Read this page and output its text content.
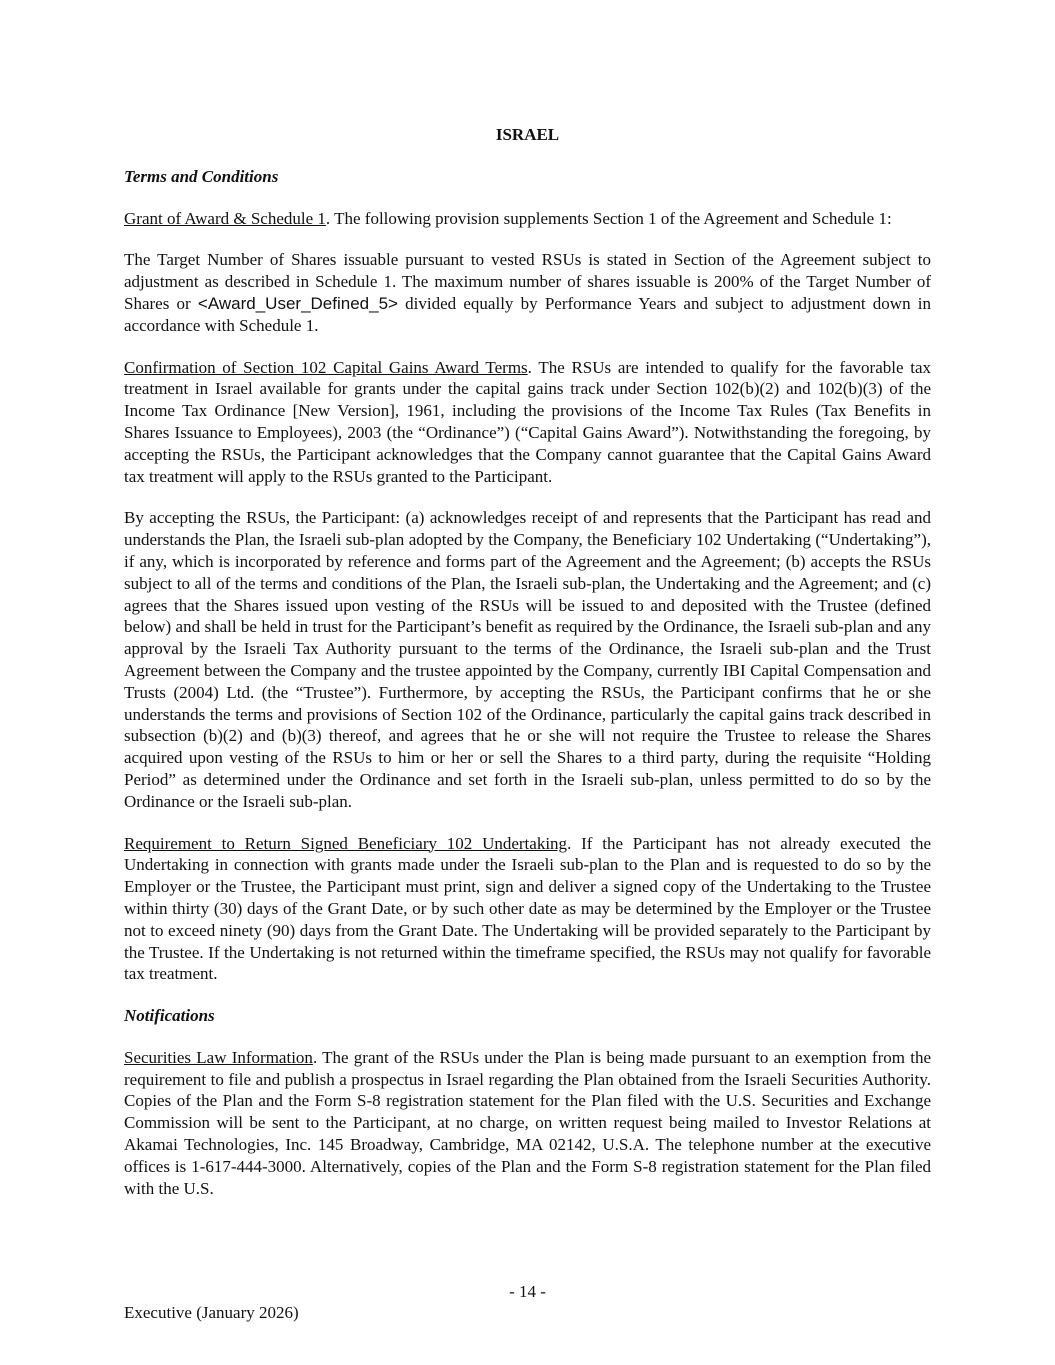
ISRAEL
Terms and Conditions

Grant of Award & Schedule 1. The following provision supplements Section 1 of the Agreement and Schedule 1:

The Target Number of Shares issuable pursuant to vested RSUs is stated in Section of the Agreement subject to adjustment as described in Schedule 1. The maximum number of shares issuable is 200% of the Target Number of Shares or <Award_User_Defined_5> divided equally by Performance Years and subject to adjustment down in accordance with Schedule 1.

Confirmation of Section 102 Capital Gains Award Terms. The RSUs are intended to qualify for the favorable tax treatment in Israel available for grants under the capital gains track under Section 102(b)(2) and 102(b)(3) of the Income Tax Ordinance [New Version], 1961, including the provisions of the Income Tax Rules (Tax Benefits in Shares Issuance to Employees), 2003 (the “Ordinance”) (“Capital Gains Award”). Notwithstanding the foregoing, by accepting the RSUs, the Participant acknowledges that the Company cannot guarantee that the Capital Gains Award tax treatment will apply to the RSUs granted to the Participant.

By accepting the RSUs, the Participant: (a) acknowledges receipt of and represents that the Participant has read and understands the Plan, the Israeli sub-plan adopted by the Company, the Beneficiary 102 Undertaking (“Undertaking”), if any, which is incorporated by reference and forms part of the Agreement and the Agreement; (b) accepts the RSUs subject to all of the terms and conditions of the Plan, the Israeli sub-plan, the Undertaking and the Agreement; and (c) agrees that the Shares issued upon vesting of the RSUs will be issued to and deposited with the Trustee (defined below) and shall be held in trust for the Participant’s benefit as required by the Ordinance, the Israeli sub-plan and any approval by the Israeli Tax Authority pursuant to the terms of the Ordinance, the Israeli sub-plan and the Trust Agreement between the Company and the trustee appointed by the Company, currently IBI Capital Compensation and Trusts (2004) Ltd. (the “Trustee”). Furthermore, by accepting the RSUs, the Participant confirms that he or she understands the terms and provisions of Section 102 of the Ordinance, particularly the capital gains track described in subsection (b)(2) and (b)(3) thereof, and agrees that he or she will not require the Trustee to release the Shares acquired upon vesting of the RSUs to him or her or sell the Shares to a third party, during the requisite “Holding Period” as determined under the Ordinance and set forth in the Israeli sub-plan, unless permitted to do so by the Ordinance or the Israeli sub-plan.

Requirement to Return Signed Beneficiary 102 Undertaking. If the Participant has not already executed the Undertaking in connection with grants made under the Israeli sub-plan to the Plan and is requested to do so by the Employer or the Trustee, the Participant must print, sign and deliver a signed copy of the Undertaking to the Trustee within thirty (30) days of the Grant Date, or by such other date as may be determined by the Employer or the Trustee not to exceed ninety (90) days from the Grant Date. The Undertaking will be provided separately to the Participant by the Trustee. If the Undertaking is not returned within the timeframe specified, the RSUs may not qualify for favorable tax treatment.

Notifications

Securities Law Information. The grant of the RSUs under the Plan is being made pursuant to an exemption from the requirement to file and publish a prospectus in Israel regarding the Plan obtained from the Israeli Securities Authority. Copies of the Plan and the Form S-8 registration statement for the Plan filed with the U.S. Securities and Exchange Commission will be sent to the Participant, at no charge, on written request being mailed to Investor Relations at Akamai Technologies, Inc. 145 Broadway, Cambridge, MA 02142, U.S.A. The telephone number at the executive offices is 1-617-444-3000. Alternatively, copies of the Plan and the Form S-8 registration statement for the Plan filed with the U.S.

- 14 -
Executive (January 2026)
